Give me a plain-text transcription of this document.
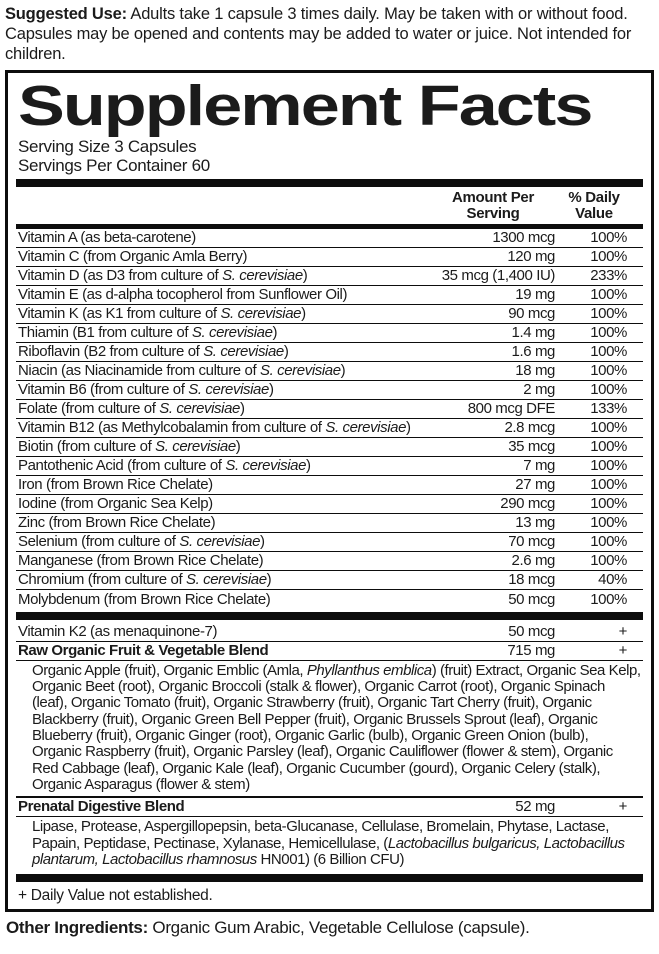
Suggested Use: Adults take 1 capsule 3 times daily. May be taken with or without food. Capsules may be opened and contents may be added to water or juice. Not intended for children.

Supplement Facts
Serving Size 3 Capsules
Servings Per Container 60
Amount Per Serving
% Daily Value
Vitamin A (as beta-carotene)	1300 mcg	100%
Vitamin C (from Organic Amla Berry)	120 mg	100%
Vitamin D (as D3 from culture of S. cerevisiae)	35 mcg (1,400 IU)	233%
Vitamin E (as d-alpha tocopherol from Sunflower Oil)	19 mg	100%
Vitamin K (as K1 from culture of S. cerevisiae)	90 mcg	100%
Thiamin (B1 from culture of S. cerevisiae)	1.4 mg	100%
Riboflavin (B2 from culture of S. cerevisiae)	1.6 mg	100%
Niacin (as Niacinamide from culture of S. cerevisiae)	18 mg	100%
Vitamin B6 (from culture of S. cerevisiae)	2 mg	100%
Folate (from culture of S. cerevisiae)	800 mcg DFE	133%
Vitamin B12 (as Methylcobalamin from culture of S. cerevisiae)	2.8 mcg	100%
Biotin (from culture of S. cerevisiae)	35 mcg	100%
Pantothenic Acid (from culture of S. cerevisiae)	7 mg	100%
Iron (from Brown Rice Chelate)	27 mg	100%
Iodine (from Organic Sea Kelp)	290 mcg	100%
Zinc (from Brown Rice Chelate)	13 mg	100%
Selenium (from culture of S. cerevisiae)	70 mcg	100%
Manganese (from Brown Rice Chelate)	2.6 mg	100%
Chromium (from culture of S. cerevisiae)	18 mcg	40%
Molybdenum (from Brown Rice Chelate)	50 mcg	100%
Vitamin K2 (as menaquinone-7)	50 mcg	+
Raw Organic Fruit & Vegetable Blend	715 mg	+
Organic Apple (fruit), Organic Emblic (Amla, Phyllanthus emblica) (fruit) Extract, Organic Sea Kelp, Organic Beet (root), Organic Broccoli (stalk & flower), Organic Carrot (root), Organic Spinach (leaf), Organic Tomato (fruit), Organic Strawberry (fruit), Organic Tart Cherry (fruit), Organic Blackberry (fruit), Organic Green Bell Pepper (fruit), Organic Brussels Sprout (leaf), Organic Blueberry (fruit), Organic Ginger (root), Organic Garlic (bulb), Organic Green Onion (bulb), Organic Raspberry (fruit), Organic Parsley (leaf), Organic Cauliflower (flower & stem), Organic Red Cabbage (leaf), Organic Kale (leaf), Organic Cucumber (gourd), Organic Celery (stalk), Organic Asparagus (flower & stem)
Prenatal Digestive Blend	52 mg	+
Lipase, Protease, Aspergillopepsin, beta-Glucanase, Cellulase, Bromelain, Phytase, Lactase, Papain, Peptidase, Pectinase, Xylanase, Hemicellulase, (Lactobacillus bulgaricus, Lactobacillus plantarum, Lactobacillus rhamnosus HN001) (6 Billion CFU)
+ Daily Value not established.

Other Ingredients: Organic Gum Arabic, Vegetable Cellulose (capsule).
